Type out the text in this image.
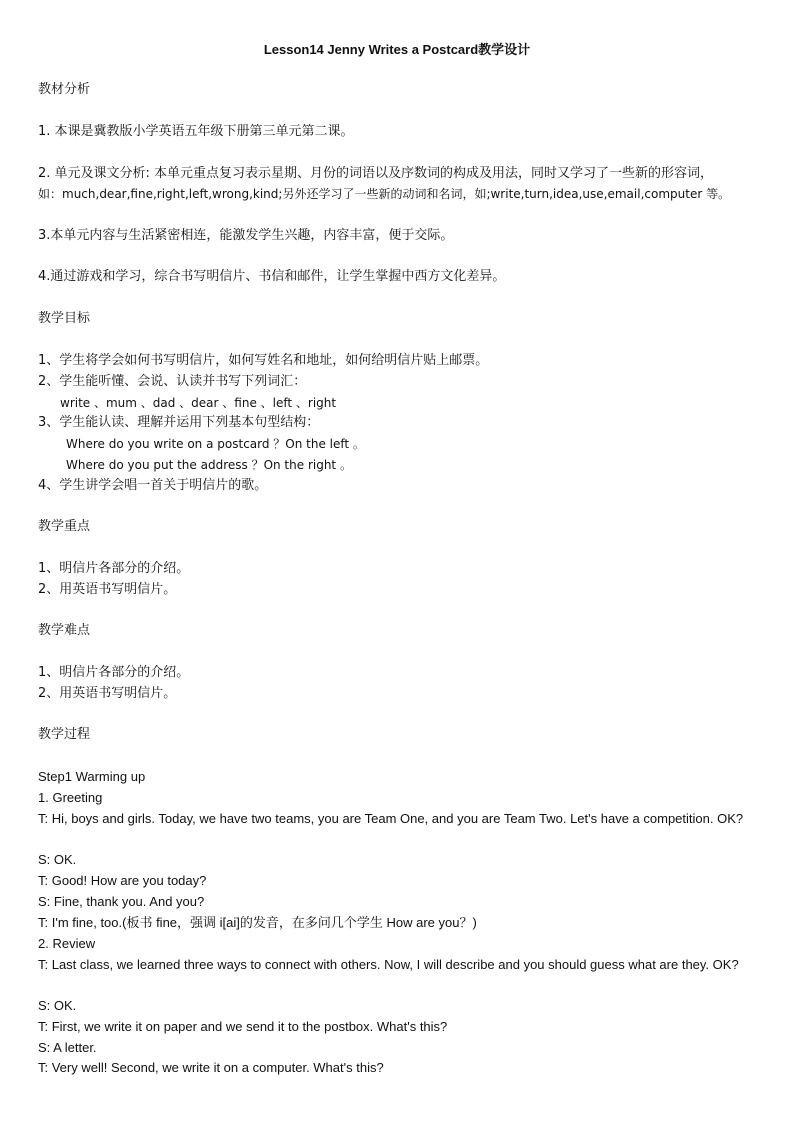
Lesson14 Jenny Writes a Postcard教学设计
教材分析
1. 本课是冀教版小学英语五年级下册第三单元第二课。
2. 单元及课文分析: 本单元重点复习表示星期、月份的词语以及序数词的构成及用法，同时又学习了一些新的形容词，
如：much,dear,fine,right,left,wrong,kind;另外还学习了一些新的动词和名词，如;write,turn,idea,use,email,computer 等。
3.本单元内容与生活紧密相连，能激发学生兴趣，内容丰富，便于交际。
4.通过游戏和学习，综合书写明信片、书信和邮件，让学生掌握中西方文化差异。
教学目标
1、学生将学会如何书写明信片，如何写姓名和地址，如何给明信片贴上邮票。
2、学生能听懂、会说、认读并书写下列词汇：
write 、mum 、dad 、dear 、fine 、left 、right
3、学生能认读、理解并运用下列基本句型结构：
Where do you write on a postcard ？On the left 。
Where do you put the address ？On the right 。
4、学生讲学会唱一首关于明信片的歌。
教学重点
1、明信片各部分的介绍。
2、用英语书写明信片。
教学难点
1、明信片各部分的介绍。
2、用英语书写明信片。
教学过程
Step1 Warming up
1. Greeting
T: Hi, boys and girls. Today, we have two teams, you are Team One, and you are Team Two. Let's have a competition. OK?
S: OK.
T: Good! How are you today?
S: Fine, thank you. And you?
T: I'm fine, too.(板书 fine，强调 i[ai]的发音，在多问几个学生 How are you？)
2. Review
T: Last class, we learned three ways to connect with others. Now, I will describe and you should guess what are they. OK?
S: OK.
T: First, we write it on paper and we send it to the postbox. What's this?
S: A letter.
T: Very well! Second, we write it on a computer. What's this?
